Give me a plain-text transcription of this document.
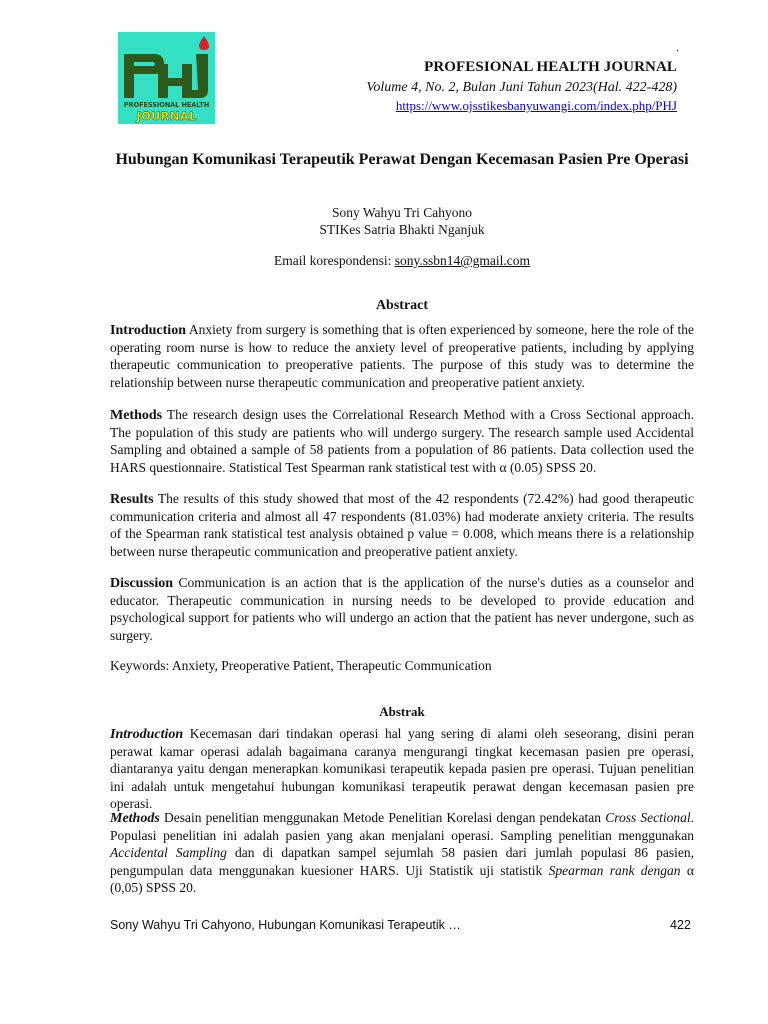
PROFESSIONAL HEALTH
JOURNAL
.
PROFESIONAL HEALTH JOURNAL
Volume 4, No. 2, Bulan Juni Tahun 2023(Hal. 422-428)
https://www.ojsstikesbanyuwangi.com/index.php/PHJ
Hubungan Komunikasi Terapeutik Perawat Dengan Kecemasan Pasien Pre Operasi
Sony Wahyu Tri Cahyono
STIKes Satria Bhakti Nganjuk
Email korespondensi: sony.ssbn14@gmail.com
Abstract
Introduction Anxiety from surgery is something that is often experienced by someone, here the role of the operating room nurse is how to reduce the anxiety level of preoperative patients, including by applying therapeutic communication to preoperative patients. The purpose of this study was to determine the relationship between nurse therapeutic communication and preoperative patient anxiety.
Methods The research design uses the Correlational Research Method with a Cross Sectional approach. The population of this study are patients who will undergo surgery. The research sample used Accidental Sampling and obtained a sample of 58 patients from a population of 86 patients. Data collection used the HARS questionnaire. Statistical Test Spearman rank statistical test with α (0.05) SPSS 20.
Results The results of this study showed that most of the 42 respondents (72.42%) had good therapeutic communication criteria and almost all 47 respondents (81.03%) had moderate anxiety criteria. The results of the Spearman rank statistical test analysis obtained p value = 0.008, which means there is a relationship between nurse therapeutic communication and preoperative patient anxiety.
Discussion Communication is an action that is the application of the nurse's duties as a counselor and educator. Therapeutic communication in nursing needs to be developed to provide education and psychological support for patients who will undergo an action that the patient has never undergone, such as surgery.
Keywords: Anxiety, Preoperative Patient, Therapeutic Communication
Abstrak
Introduction Kecemasan dari tindakan operasi hal yang sering di alami oleh seseorang, disini peran perawat kamar operasi adalah bagaimana caranya mengurangi tingkat kecemasan pasien pre operasi, diantaranya yaitu dengan menerapkan komunikasi terapeutik kepada pasien pre operasi. Tujuan penelitian ini adalah untuk mengetahui hubungan komunikasi terapeutik perawat dengan kecemasan pasien pre operasi.
Methods Desain penelitian menggunakan Metode Penelitian Korelasi dengan pendekatan Cross Sectional. Populasi penelitian ini adalah pasien yang akan menjalani operasi. Sampling penelitian menggunakan Accidental Sampling dan di dapatkan sampel sejumlah 58 pasien dari jumlah populasi 86 pasien, pengumpulan data menggunakan kuesioner HARS. Uji Statistik uji statistik Spearman rank dengan α (0,05) SPSS 20.
Sony Wahyu Tri Cahyono, Hubungan Komunikasi Terapeutik …	422
